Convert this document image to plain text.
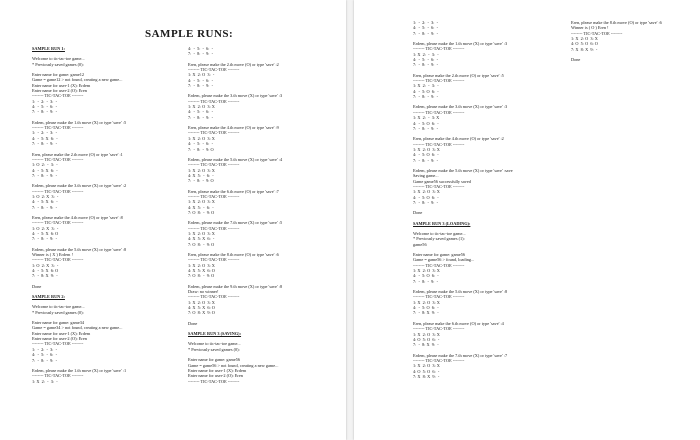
SAMPLE RUNS:

SAMPLE RUN 1:

Welcome to tic-tac-toe game...

* Previously saved games (0):

Enter name for game: game12

Game = game12 > not found, creating a new game...

Enter name for user-1 (X): Erdem

Enter name for user-2 (O): Eren

-------- TIC-TAC-TOE --------

1:  -  2:  -  3:  -

4:  -  5:  -  6:  -

7:  -  8:  -  9:  -

Erdem, please make the 1.th move (X) or type 'save' :5

-------- TIC-TAC-TOE --------

1:  -  2:  -  3:  -

4:  -  5: X  6:  -

7:  -  8:  -  9:  -

Eren, please make the 2.th move (O) or type 'save' :1

-------- TIC-TAC-TOE --------

1: O  2:  -  3:  -

4:  -  5: X  6:  -

7:  -  8:  -  9:  -

Erdem, please make the 3.th move (X) or type 'save' :2

-------- TIC-TAC-TOE --------

1: O  2: X  3:  -

4:  -  5: X  6:  -

7:  -  8:  -  9:  -

Eren, please make the 4.th move (O) or type 'save' :8

-------- TIC-TAC-TOE --------

1: O  2: X  3:  -

4:  -  5: X  6: O

7:  -  8:  -  9:  -

Erdem, please make the 5.th move (X) or type 'save' :8

Winner is ( X ) Erdem !

-------- TIC-TAC-TOE --------

1: O  2: X  3:  -

4:  -  5: X  6: O

7:  -  8: X  9:  -

Done

SAMPLE RUN 2:

Welcome to tic-tac-toe game...

* Previously saved games (0):

Enter name for game: game34

Game = game34 > not found, creating a new game...

Enter name for user-1 (X): Erdem

Enter name for user-2 (O): Eren

-------- TIC-TAC-TOE --------

1:  -  2:  -  3:  -

4:  -  5:  -  6:  -

7:  -  8:  -  9:  -

Erdem, please make the 1.th move (X) or type 'save' :1

-------- TIC-TAC-TOE --------

1: X  2:  -  3:  -

4:  -  5:  -  6:  -

7:  -  8:  -  9:  -

Eren, please make the 2.th move (O) or type 'save' :2

-------- TIC-TAC-TOE --------

1: X  2: O  3:  -

4:  -  5:  -  6:  -

7:  -  8:  -  9:  -

Erdem, please make the 3.th move (X) or type 'save' :3

-------- TIC-TAC-TOE --------

1: X  2: O  3: X

4:  -  5:  -  6:  -

7:  -  8:  -  9:  -

Eren, please make the 4.th move (O) or type 'save' :9

-------- TIC-TAC-TOE --------

1: X  2: O  3: X

4:  -  5:  -  6:  -

7:  -  8:  -  9: O

Erdem, please make the 5.th move (X) or type 'save' :4

-------- TIC-TAC-TOE --------

1: X  2: O  3: X

4: X  5:  -  6:  -

7:  -  8:  -  9: O

Eren, please make the 6.th move (O) or type 'save' :7

-------- TIC-TAC-TOE --------

1: X  2: O  3: X

4: X  5:  -  6:  -

7: O  8:  -  9: O

Erdem, please make the 7.th move (X) or type 'save' :5

-------- TIC-TAC-TOE --------

1: X  2: O  3: X

4: X  5: X  6:  -

7: O  8:  -  9: O

Eren, please make the 8.th move (O) or type 'save' :6

-------- TIC-TAC-TOE --------

1: X  2: O  3: X

4: X  5: X  6: O

7: O  8:  -  9: O

Erdem, please make the 9.th move (X) or type 'save' :8

Draw: no winner!

-------- TIC-TAC-TOE --------

1: X  2: O  3: X

4: X  5: X  6: O

7: O  8: X  9: O

Done

SAMPLE RUN 3 (SAVING):

Welcome to tic-tac-toe game...

* Previously saved games (0):

Enter name for game: game56

Game = game56 > not found, creating a new game...

Enter name for user-1 (X): Erdem

Enter name for user-2 (O): Eren

-------- TIC-TAC-TOE --------

1:  -  2:  -  3:  -

4:  -  5:  -  6:  -

7:  -  8:  -  9:  -

Erdem, please make the 1.th move (X) or type 'save' :3

-------- TIC-TAC-TOE --------

1: X  2:  -  3:  -

4:  -  5:  -  6:  -

7:  -  8:  -  9:  -

Eren, please make the 2.th move (O) or type 'save' :5

-------- TIC-TAC-TOE --------

1: X  2:  -  3:  -

4:  -  5: O  6:  -

7:  -  8:  -  9:  -

Erdem, please make the 3.th move (X) or type 'save' :3

-------- TIC-TAC-TOE --------

1: X  2:  -  3: X

4:  -  5: O  6:  -

7:  -  8:  -  9:  -

Eren, please make the 4.th move (O) or type 'save' :2

-------- TIC-TAC-TOE --------

1: X  2: O  3: X

4:  -  5: O  6:  -

7:  -  8:  -  9:  -

Erdem, please make the 5.th move (X) or type 'save' :save

Saving game...

Game game56 successfully saved

-------- TIC-TAC-TOE --------

1: X  2: O  3: X

4:  -  5: O  6:  -

7:  -  8:  -  9:  -

Done

SAMPLE RUN 3 (LOADING):

Welcome to tic-tac-toe game...

* Previously saved games (1):

game56

Enter name for game: game56

Game = game56 > found, loading...

-------- TIC-TAC-TOE --------

1: X  2: O  3: X

4:  -  5: O  6:  -

7:  -  8:  -  9:  -

Erdem, please make the 5.th move (X) or type 'save' :8

-------- TIC-TAC-TOE --------

1: X  2: O  3: X

4:  -  5: O  6:  -

7:  -  8: X  9:  -

Eren, please make the 6.th move (O) or type 'save' :4

-------- TIC-TAC-TOE --------

1: X  2: O  3: X

4: O  5: O  6:  -

7:  -  8: X  9:  -

Erdem, please make the 7.th move (X) or type 'save' :7

-------- TIC-TAC-TOE --------

1: X  2: O  3: X

4: O  5: O  6:  -

7: X  8: X  9:  -

Eren, please make the 8.th move (O) or type 'save' :6

Winner is ( O ) Eren !

-------- TIC-TAC-TOE --------

1: X  2: O  3: X

4: O  5: O  6: O

7: X  8: X  9:  -

Done
